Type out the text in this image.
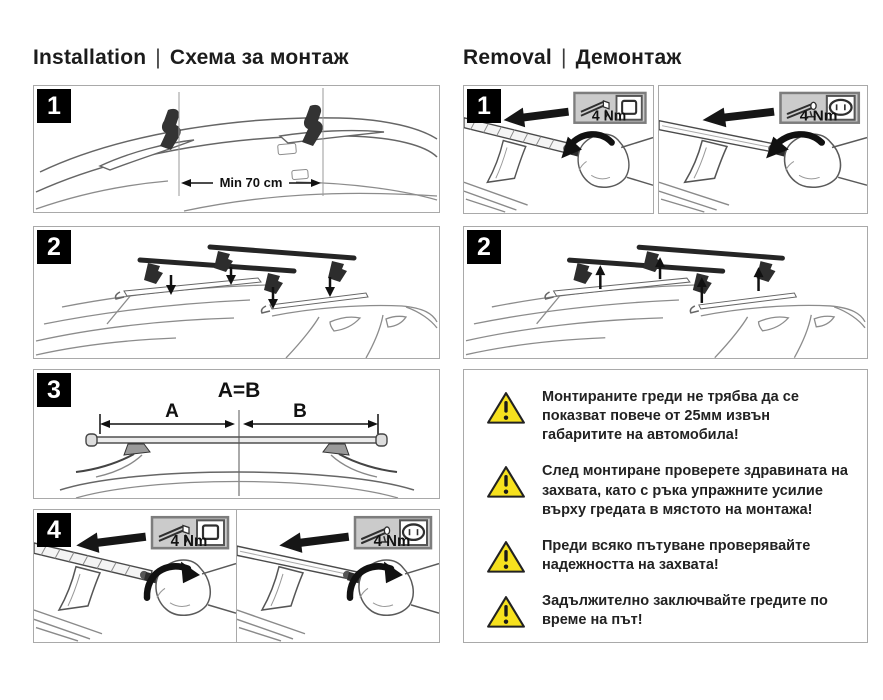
Installation | Схема за монтаж	Removal | Демонтаж
1
Min 70 cm
2
3	A=B
A	B
4	4 Nm	4 Nm
1	4 Nm	4 Nm
2
Монтираните греди не трябва да се показват повече от 25мм извън габаритите на автомобила!
След монтиране проверете здравината на захвата, като с ръка упражните усилие върху гредата в мястото на монтажа!
Преди всяко пътуване проверявайте надежността на захвата!
Задължително заключвайте гредите по време на път!
